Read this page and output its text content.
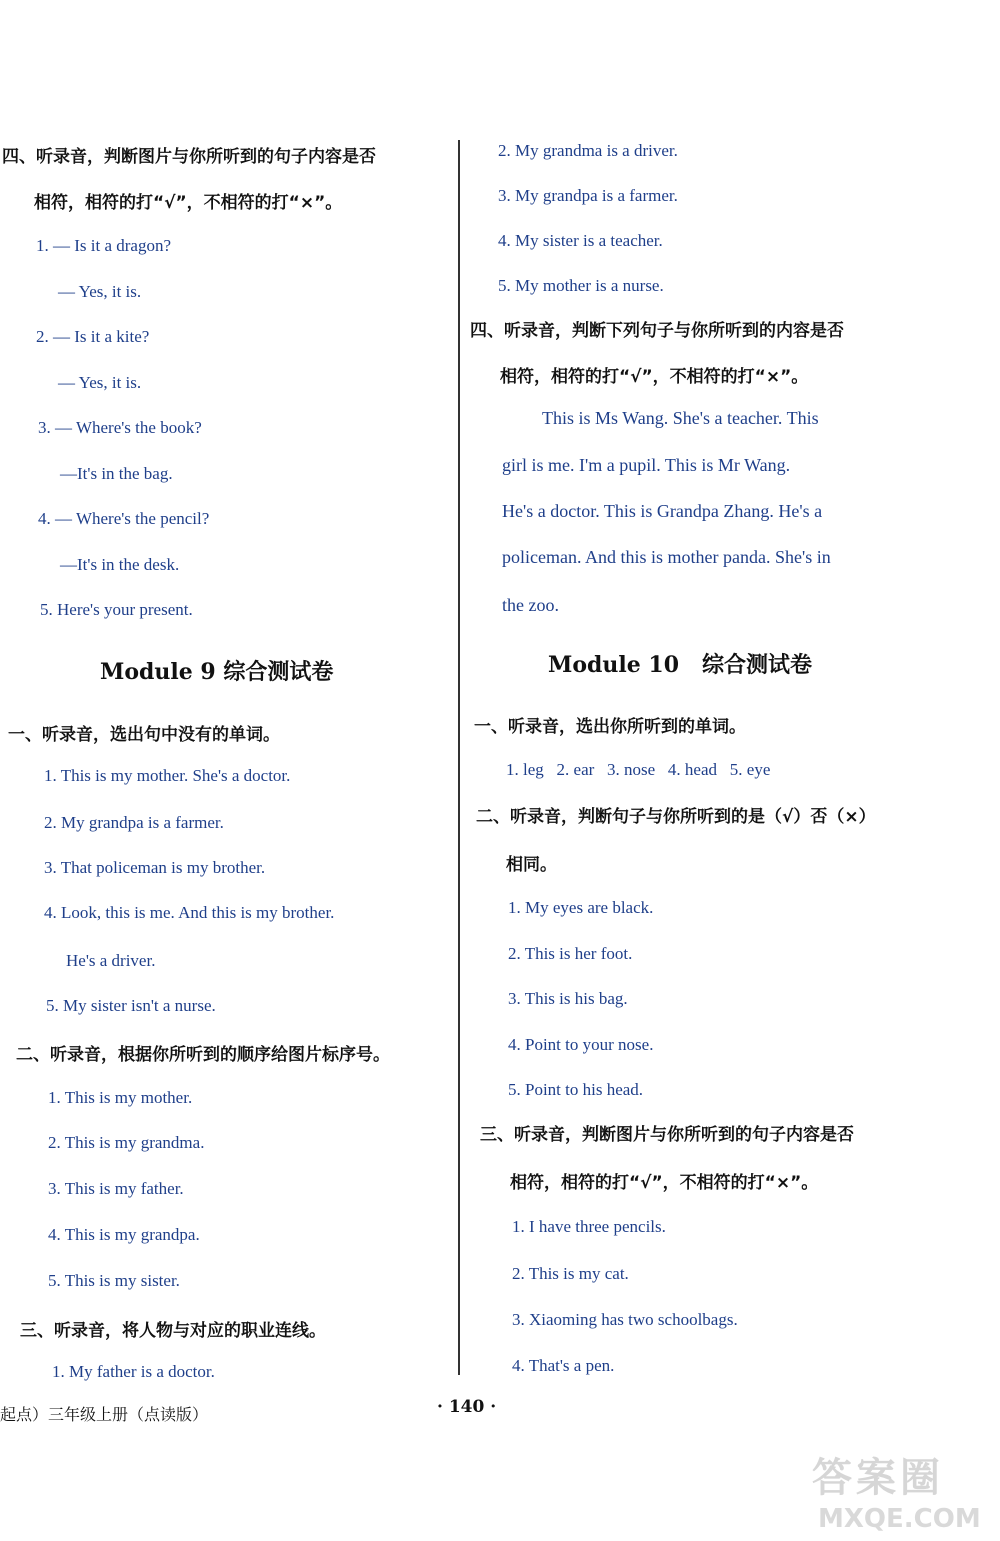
四、听录音，判断图片与你所听到的句子内容是否
相符，相符的打“√”，不相符的打“×”。
1. — Is it a dragon?
— Yes, it is.
2. — Is it a kite?
— Yes, it is.
3. — Where's the book?
—It's in the bag.
4. — Where's the pencil?
—It's in the desk.
5. Here's your present.
Module 9 综合测试卷
一、听录音，选出句中没有的单词。
1. This is my mother. She's a doctor.
2. My grandpa is a farmer.
3. That policeman is my brother.
4. Look, this is me. And this is my brother.
He's a driver.
5. My sister isn't a nurse.
二、听录音，根据你所听到的顺序给图片标序号。
1. This is my mother.
2. This is my grandma.
3. This is my father.
4. This is my grandpa.
5. This is my sister.
三、听录音，将人物与对应的职业连线。
1. My father is a doctor.
2. My grandma is a driver.
3. My grandpa is a farmer.
4. My sister is a teacher.
5. My mother is a nurse.
四、听录音，判断下列句子与你所听到的内容是否
相符，相符的打“√”，不相符的打“×”。
This is Ms Wang. She's a teacher. This
girl is me. I'm a pupil. This is Mr Wang.
He's a doctor. This is Grandpa Zhang. He's a
policeman. And this is mother panda. She's in
the zoo.
Module 10   综合测试卷
一、听录音，选出你所听到的单词。
1. leg   2. ear   3. nose   4. head   5. eye
二、听录音，判断句子与你所听到的是（√）否（×）
相同。
1. My eyes are black.
2. This is her foot.
3. This is his bag.
4. Point to your nose.
5. Point to his head.
三、听录音，判断图片与你所听到的句子内容是否
相符，相符的打“√”，不相符的打“×”。
1. I have three pencils.
2. This is my cat.
3. Xiaoming has two schoolbags.
4. That's a pen.
起点）三年级上册（点读版）	· 140 ·
答案圈
MXQE.COM
